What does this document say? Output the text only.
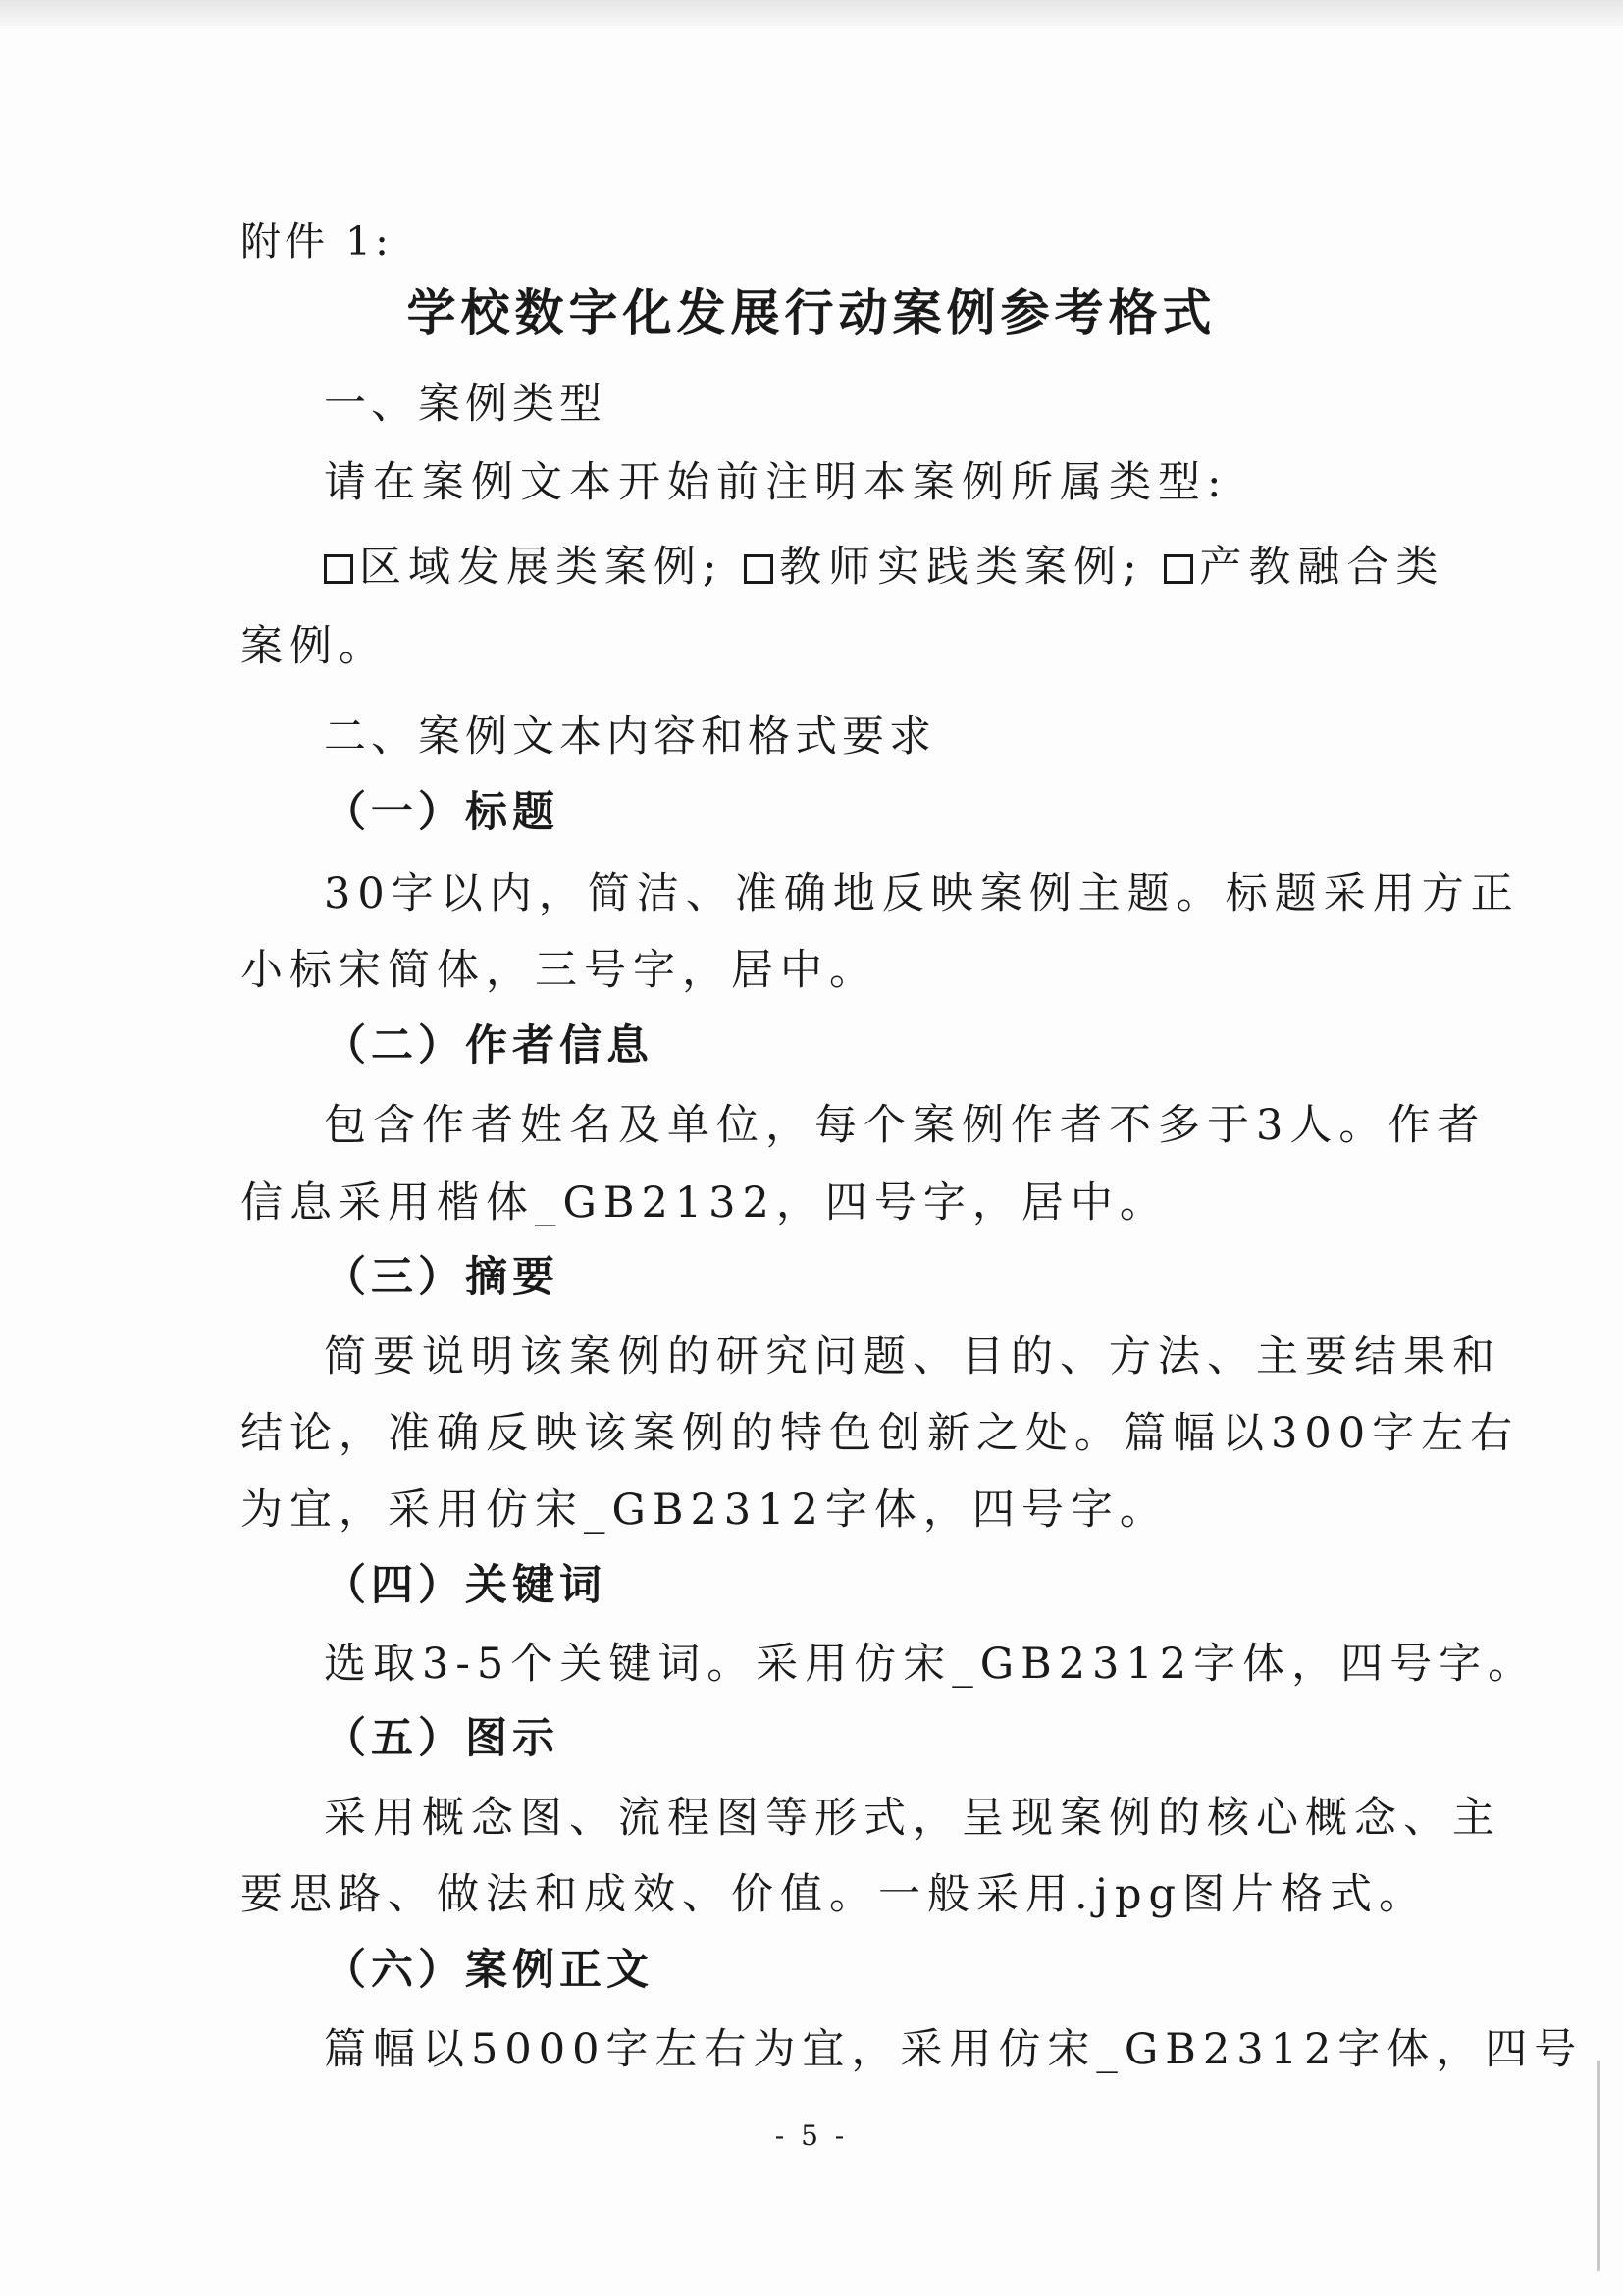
附件 1:
学校数字化发展行动案例参考格式
一、案例类型
请在案例文本开始前注明本案例所属类型:
区域发展类案例; 教师实践类案例; 产教融合类
案例。
二、案例文本内容和格式要求
（一）标题
30字以内，简洁、准确地反映案例主题。标题采用方正
小标宋简体，三号字，居中。
（二）作者信息
包含作者姓名及单位，每个案例作者不多于3人。作者
信息采用楷体_GB2132，四号字，居中。
（三）摘要
简要说明该案例的研究问题、目的、方法、主要结果和
结论，准确反映该案例的特色创新之处。篇幅以300字左右
为宜，采用仿宋_GB2312字体，四号字。
（四）关键词
选取3-5个关键词。采用仿宋_GB2312字体，四号字。
（五）图示
采用概念图、流程图等形式，呈现案例的核心概念、主
要思路、做法和成效、价值。一般采用.jpg图片格式。
（六）案例正文
篇幅以5000字左右为宜，采用仿宋_GB2312字体，四号
- 5 -
